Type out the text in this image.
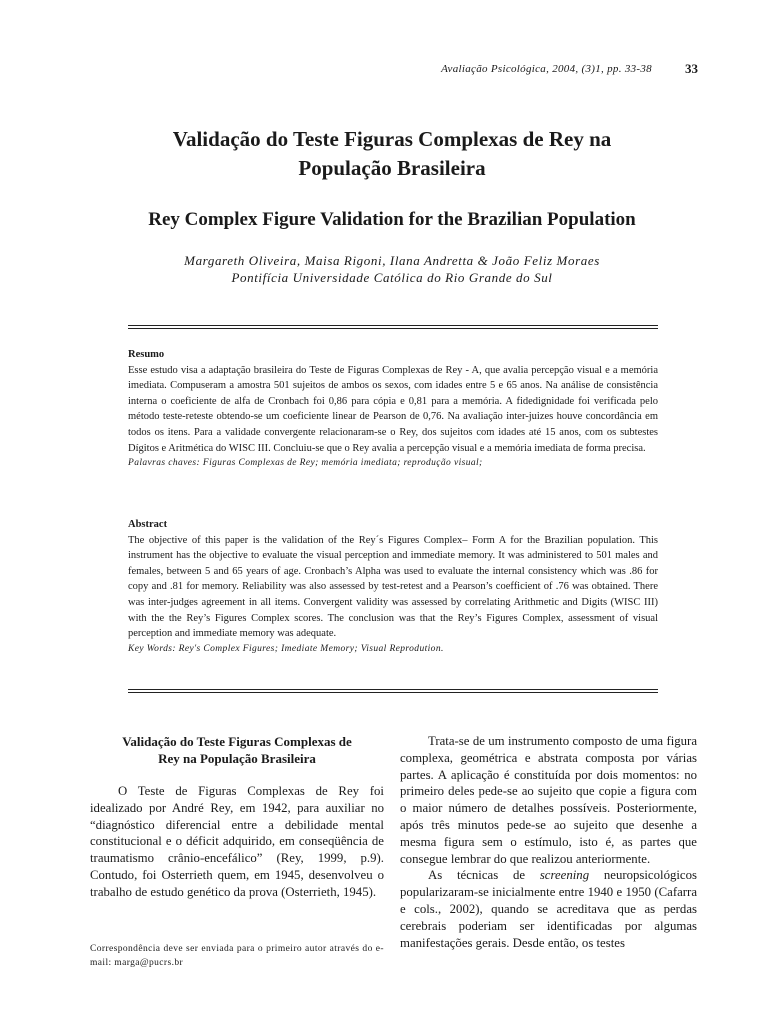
Avaliação Psicológica, 2004, (3)1, pp. 33-38	33
Validação do Teste Figuras Complexas de Rey na
População Brasileira
Rey Complex Figure Validation for the Brazilian Population
Margareth Oliveira, Maisa Rigoni, Ilana Andretta & João Feliz Moraes
Pontifícia Universidade Católica do Rio Grande do Sul
Resumo
Esse estudo visa a adaptação brasileira do Teste de Figuras Complexas de Rey - A, que avalia percepção visual e a memória imediata. Compuseram a amostra 501 sujeitos de ambos os sexos, com idades entre 5 e 65 anos. Na análise de consistência interna o coeficiente de alfa de Cronbach foi 0,86 para cópia e 0,81 para a memória. A fidedignidade foi verificada pelo método teste-reteste obtendo-se um coeficiente linear de Pearson de 0,76. Na avaliação inter-juizes houve concordância em todos os itens. Para a validade convergente relacionaram-se o Rey, dos sujeitos com idades até 15 anos, com os subtestes Dígitos e Aritmética do WISC III. Concluiu-se que o Rey avalia a percepção visual e a memória imediata de forma precisa.
Palavras chaves: Figuras Complexas de Rey; memória imediata; reprodução visual;
Abstract
The objective of this paper is the validation of the Rey´s Figures Complex– Form A for the Brazilian population. This instrument has the objective to evaluate the visual perception and immediate memory. It was administered to 501 males and females, between 5 and 65 years of age. Cronbach’s Alpha was used to evaluate the internal consistency which was .86 for copy and .81 for memory. Reliability was also assessed by test-retest and a Pearson’s coefficient of .76 was obtained. There was inter-judges agreement in all items. Convergent validity was assessed by correlating Arithmetic and Digits (WISC III) with the the Rey’s Figures Complex scores. The conclusion was that the Rey’s Figures Complex, assessment of visual perception and immediate memory was adequate.
Key Words: Rey's Complex Figures; Imediate Memory; Visual Reprodution.
Validação do Teste Figuras Complexas de
Rey na População Brasileira

O Teste de Figuras Complexas de Rey foi idealizado por André Rey, em 1942, para auxiliar no “diagnóstico diferencial entre a debilidade mental constitucional e o déficit adquirido, em conseqüência de traumatismo crânio-encefálico” (Rey, 1999, p.9). Contudo, foi Osterrieth quem, em 1945, desenvolveu o trabalho de estudo genético da prova (Osterrieth, 1945).

Trata-se de um instrumento composto de uma figura complexa, geométrica e abstrata composta por várias partes. A aplicação é constituída por dois momentos: no primeiro deles pede-se ao sujeito que copie a figura com o maior número de detalhes possíveis. Posteriormente, após três minutos pede-se ao sujeito que desenhe a mesma figura sem o estímulo, isto é, as partes que consegue lembrar do que realizou anteriormente.

As técnicas de screening neuropsicológicos popularizaram-se inicialmente entre 1940 e 1950 (Cafarra e cols., 2002), quando se acreditava que as perdas cerebrais poderiam ser identificadas por algumas manifestações gerais. Desde então, os testes

Correspondência deve ser enviada para o primeiro autor através do e-mail: marga@pucrs.br
